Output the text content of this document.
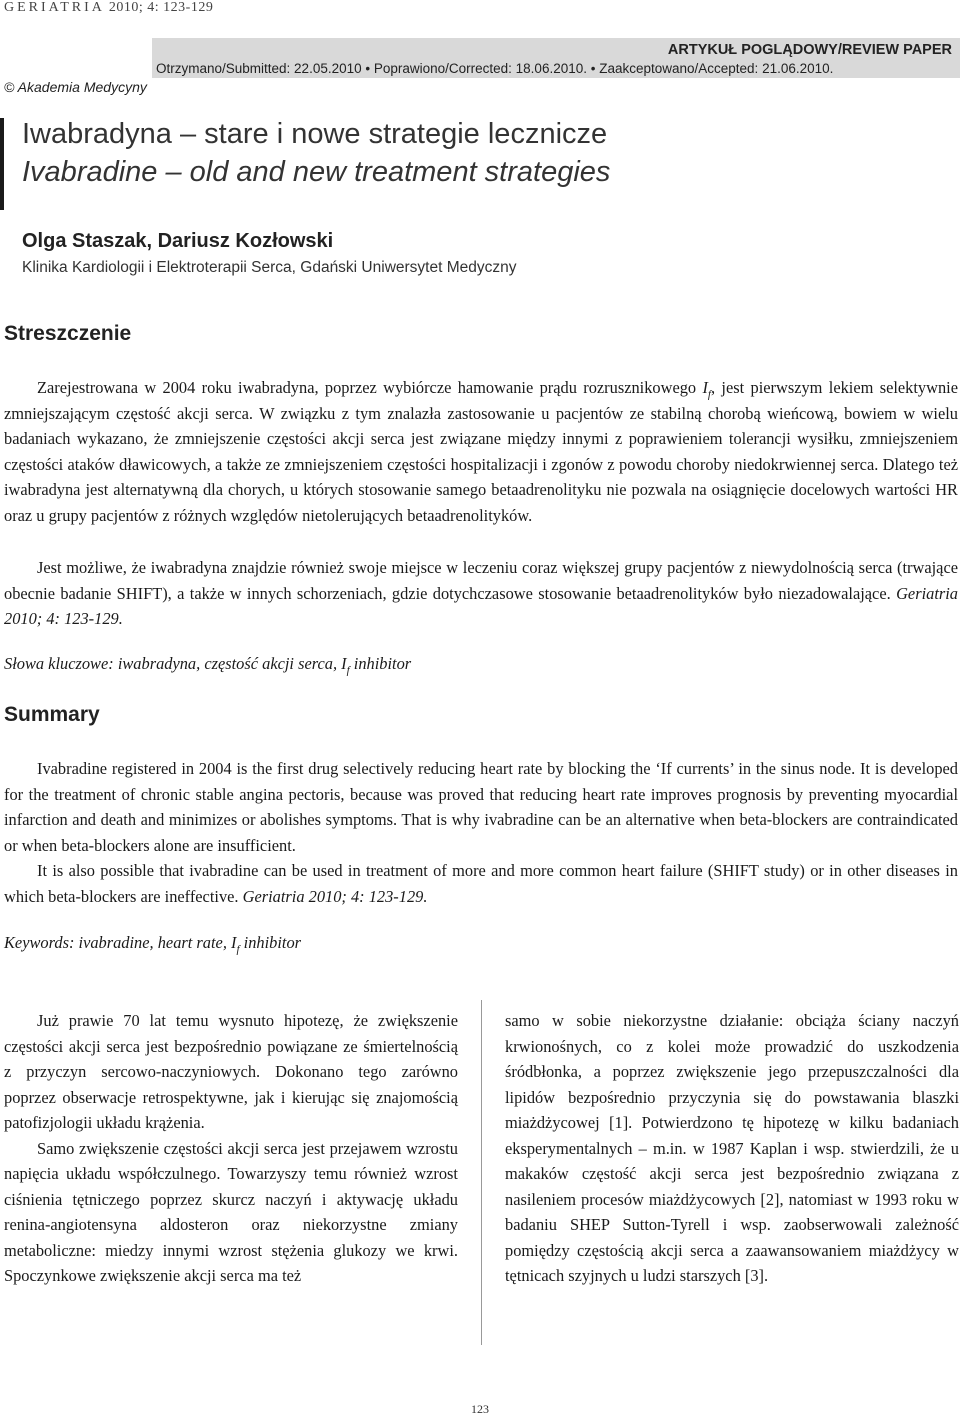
GERIATRIA 2010; 4: 123-129
ARTYKUŁ POGLĄDOWY/REVIEW PAPER
Otrzymano/Submitted: 22.05.2010 • Poprawiono/Corrected: 18.06.2010. • Zaakceptowano/Accepted: 21.06.2010.
© Akademia Medycyny
Iwabradyna – stare i nowe strategie lecznicze
Ivabradine – old and new treatment strategies
Olga Staszak, Dariusz Kozłowski
Klinika Kardiologii i Elektroterapii Serca, Gdański Uniwersytet Medyczny
Streszczenie

Zarejestrowana w 2004 roku iwabradyna, poprzez wybiórcze hamowanie prądu rozrusznikowego $I_f$, jest pierwszym lekiem selektywnie zmniejszającym częstość akcji serca. W związku z tym znalazła zastosowanie u pacjentów ze stabilną chorobą wieńcową, bowiem w wielu badaniach wykazano, że zmniejszenie częstości akcji serca jest związane między innymi z poprawieniem tolerancji wysiłku, zmniejszeniem częstości ataków dławicowych, a także ze zmniejszeniem częstości hospitalizacji i zgonów z powodu choroby niedokrwiennej serca. Dlatego też iwabradyna jest alternatywną dla chorych, u których stosowanie samego betaadrenolityku nie pozwala na osiągnięcie docelowych wartości HR oraz u grupy pacjentów z różnych względów nietolerujących betaadrenolityków.

Jest możliwe, że iwabradyna znajdzie również swoje miejsce w leczeniu coraz większej grupy pacjentów z niewydolnością serca (trwające obecnie badanie SHIFT), a także w innych schorzeniach, gdzie dotychczasowe stosowanie betaadrenolityków było niezadowalające. Geriatria 2010; 4: 123-129.

Słowa kluczowe: iwabradyna, częstość akcji serca, $I_f$ inhibitor
Summary

Ivabradine registered in 2004 is the first drug selectively reducing heart rate by blocking the ‘If currents’ in the sinus node. It is developed for the treatment of chronic stable angina pectoris, because was proved that reducing heart rate improves prognosis by preventing myocardial infarction and death and minimizes or abolishes symptoms. That is why ivabradine can be an alternative when beta-blockers are contraindicated or when beta-blockers alone are insufficient.

It is also possible that ivabradine can be used in treatment of more and more common heart failure (SHIFT study) or in other diseases in which beta-blockers are ineffective. Geriatria 2010; 4: 123-129.

Keywords: ivabradine, heart rate, $I_f$ inhibitor

Już prawie 70 lat temu wysnuto hipotezę, że zwiększenie częstości akcji serca jest bezpośrednio powiązane ze śmiertelnością z przyczyn sercowo-naczyniowych. Dokonano tego zarówno poprzez obserwacje retrospektywne, jak i kierując się znajomością patofizjologii układu krążenia.

Samo zwiększenie częstości akcji serca jest przejawem wzrostu napięcia układu współczulnego. Towarzyszy temu również wzrost ciśnienia tętniczego poprzez skurcz naczyń i aktywację układu renina-angiotensyna aldosteron oraz niekorzystne zmiany metaboliczne: miedzy innymi wzrost stężenia glukozy we krwi. Spoczynkowe zwiększenie akcji serca ma też

samo w sobie niekorzystne działanie: obciąża ściany naczyń krwionośnych, co z kolei może prowadzić do uszkodzenia śródbłonka, a poprzez zwiększenie jego przepuszczalności dla lipidów bezpośrednio przyczynia się do powstawania blaszki miażdżycowej [1]. Potwierdzono tę hipotezę w kilku badaniach eksperymentalnych – m.in. w 1987 Kaplan i wsp. stwierdzili, że u makaków częstość akcji serca jest bezpośrednio związana z nasileniem procesów miażdżycowych [2], natomiast w 1993 roku w badaniu SHEP Sutton-Tyrell i wsp. zaobserwowali zależność pomiędzy częstością akcji serca a zaawansowaniem miażdżycy w tętnicach szyjnych u ludzi starszych [3].

123
